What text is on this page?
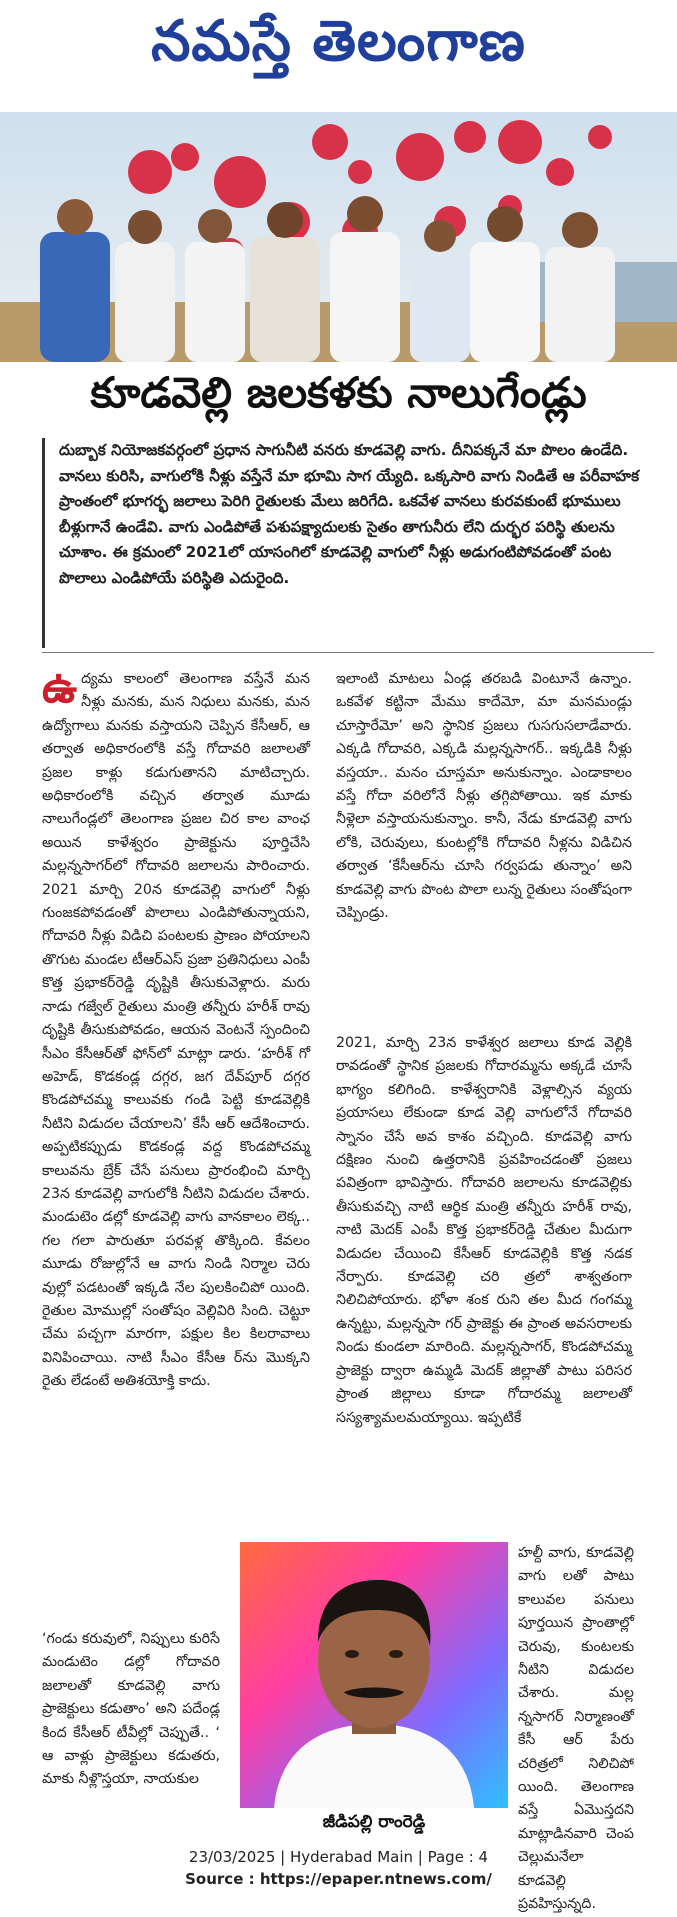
నమస్తే తెలంగాణ
కూడవెల్లి జలకళకు నాలుగేండ్లు
దుబ్బాక నియోజకవర్గంలో ప్రధాన సాగునీటి వనరు కూడవెల్లి వాగు. దీనిపక్కనే మా పొలం ఉండేది. వానలు కురిసి, వాగులోకి నీళ్లు వస్తేనే మా భూమి సాగ య్యేది. ఒక్కసారి వాగు నిండితే ఆ పరీవాహక ప్రాంతంలో భూగర్భ జలాలు పెరిగి రైతులకు మేలు జరిగేది. ఒకవేళ వానలు కురవకుంటే భూములు బీళ్లుగానే ఉండేవి. వాగు ఎండిపోతే పశుపక్ష్యాదులకు సైతం తాగునీరు లేని దుర్భర పరిస్థి తులను చూశాం. ఈ క్రమంలో 2021లో యాసంగిలో కూడవెల్లి వాగులో నీళ్లు అడుగంటిపోవడంతో పంట పొలాలు ఎండిపోయే పరిస్థితి ఎదురైంది.
ఉ ద్యమ కాలంలో తెలంగాణ వస్తేనే మన నీళ్లు మనకు, మన నిధులు మనకు, మన ఉద్యోగాలు మనకు వస్తాయని చెప్పిన కేసీఆర్‌, ఆ తర్వాత అధికారంలోకి వస్తే గోదావరి జలాలతో ప్రజల కాళ్లు కడుగుతానని మాటిచ్చారు. అధికారంలోకి వచ్చిన తర్వాత మూడు నాలుగేండ్లలో తెలంగాణ ప్రజల చిర కాల వాంఛ అయిన కాళేశ్వరం ప్రాజెక్టును పూర్తిచేసి మల్లన్నసాగర్‌లో గోదావరి జలాలను పారించారు. 2021 మార్చి 20న కూడవెల్లి వాగులో నీళ్లు గుంజకపోవడంతో పొలాలు ఎండిపోతున్నాయని, గోదావరి నీళ్లు విడిచి పంటలకు ప్రాణం పోయాలని తొగుట మండల టీఆర్‌ఎస్‌ ప్రజా ప్రతినిధులు ఎంపీ కొత్త ప్రభాకర్‌రెడ్డి దృష్టికి తీసుకువెళ్లారు. మరు నాడు గజ్వేల్‌ రైతులు మంత్రి తన్నీరు హరీశ్‌ రావు దృష్టికి తీసుకుపోవడం, ఆయన వెంటనే స్పందించి సీఎం కేసీఆర్‌తో ఫోన్‌లో మాట్లా డారు. ‘హరీశ్‌ గో అహెడ్‌, కొడకండ్ల దగ్గర, జగ దేవ్‌పూర్‌ దగ్గర కొండపోచమ్మ కాలువకు గండి పెట్టి కూడవెల్లికి నీటిని విడుదల చేయాలని’ కేసీ ఆర్‌ ఆదేశించారు. అప్పటికప్పుడు కొడకండ్ల వద్ద కొండపోచమ్మ కాలువను బ్రేక్‌ చేసే పనులు ప్రారంభించి మార్చి 23న కూడవెల్లి వాగులోకి నీటిని విడుదల చేశారు. మండుటెం డల్లో కూడవెల్లి వాగు వానకాలం లెక్క.. గల గలా పారుతూ పరవళ్ల తొక్కింది. కేవలం మూడు రోజుల్లోనే ఆ వాగు నిండి నిర్మాల చెరు వుల్లో పడటంతో ఇక్కడి నేల పులకించిపో యింది. రైతుల మోముల్లో సంతోషం వెల్లివిరి సింది. చెట్టూ చేమ పచ్చగా మారగా, పక్షుల కిల కిలరావాలు వినిపించాయి. నాటి సీఎం కేసీఆ ర్‌ను మొక్కని రైతు లేడంటే అతిశయోక్తి కాదు.
‘గండు కరువులో, నిప్పులు కురిసే మండుటెం డల్లో గోదావరి జలాలతో కూడవెల్లి వాగు ప్రాజెక్టులు కడుతాం’ అని పదేండ్ల కింద కేసీఆర్‌ టీవీల్లో చెప్పుతే.. ‘ ఆ వాళ్లు ప్రాజెక్టులు కడుతరు, మాకు నీళ్లొస్తయా, నాయకుల
ఇలాంటి మాటలు ఏండ్ల తరబడి వింటూనే ఉన్నాం. ఒకవేళ కట్టినా మేము కాదేమో, మా మనమండ్లు చూస్తారేమో’ అని స్థానిక ప్రజలు గుసగుసలాడేవారు. ఎక్కడి గోదావరి, ఎక్కడి మల్లన్నసాగర్‌.. ఇక్కడికి నీళ్లు వస్తయా.. మనం చూస్తమా అనుకున్నాం. ఎండాకాలం వస్తే గోదా వరిలోనే నీళ్లు తగ్గిపోతాయి. ఇక మాకు నీళ్లెలా వస్తాయనుకున్నాం. కానీ, నేడు కూడవెల్లి వాగు లోకి, చెరువులు, కుంటల్లోకి గోదావరి నీళ్లను విడిచిన తర్వాత ‘కేసీఆర్‌ను చూసి గర్వపడు తున్నాం’ అని కూడవెల్లి వాగు పొంట పొలా లున్న రైతులు సంతోషంగా చెప్పిండ్రు.
2021, మార్చి 23న కాళేశ్వర జలాలు కూడ వెల్లికి రావడంతో స్థానిక ప్రజలకు గోదారమ్మను అక్కడే చూసే భాగ్యం కలిగింది. కాళేశ్వరానికి వెళ్లాల్సిన వ్యయ ప్రయాసలు లేకుండా కూడ వెల్లి వాగులోనే గోదావరి స్నానం చేసే అవ కాశం వచ్చింది. కూడవెల్లి వాగు దక్షిణం నుంచి ఉత్తరానికి ప్రవహించడంతో ప్రజలు పవిత్రంగా భావిస్తారు. గోదావరి జలాలను కూడవెల్లికు తీసుకువచ్చి నాటి ఆర్థిక మంత్రి తన్నీరు హరీశ్‌ రావు, నాటి మెదక్‌ ఎంపీ కొత్త ప్రభాకర్‌రెడ్డి చేతుల మీదుగా విడుదల చేయించి కేసీఆర్‌ కూడవెల్లికి కొత్త నడక నేర్పారు. కూడవెల్లి చరి త్రలో శాశ్వతంగా నిలిచిపోయారు. భోళా శంక రుని తల మీద గంగమ్మ ఉన్నట్టు, మల్లన్నసా గర్‌ ప్రాజెక్టు ఈ ప్రాంత అవసరాలకు నిండు కుండలా మారింది. మల్లన్నసాగర్‌, కొండపోచమ్మ ప్రాజెక్టు ద్వారా ఉమ్మడి మెదక్‌ జిల్లాతో పాటు పరిసర ప్రాంత జిల్లాలు కూడా గోదారమ్మ జలాలతో సస్యశ్యామలమయ్యాయి. ఇప్పటికే
హల్దీ వాగు, కూడవెల్లి వాగు లతో పాటు కాలువల పనులు పూర్తయిన ప్రాంతాల్లో చెరువు, కుంటలకు నీటిని విడుదల చేశారు. మల్ల న్నసాగర్‌ నిర్మాణంతో కేసీ ఆర్‌ పేరు చరిత్రలో నిలిచిపో యింది. తెలంగాణ వస్తే ఏమొస్తదని మాట్లాడినవారి చెంప చెల్లుమనేలా కూడవెల్లి ప్రవహిస్తున్నది.
జీడిపల్లి రాంరెడ్డి
23/03/2025 | Hyderabad Main | Page : 4
Source : https://epaper.ntnews.com/
